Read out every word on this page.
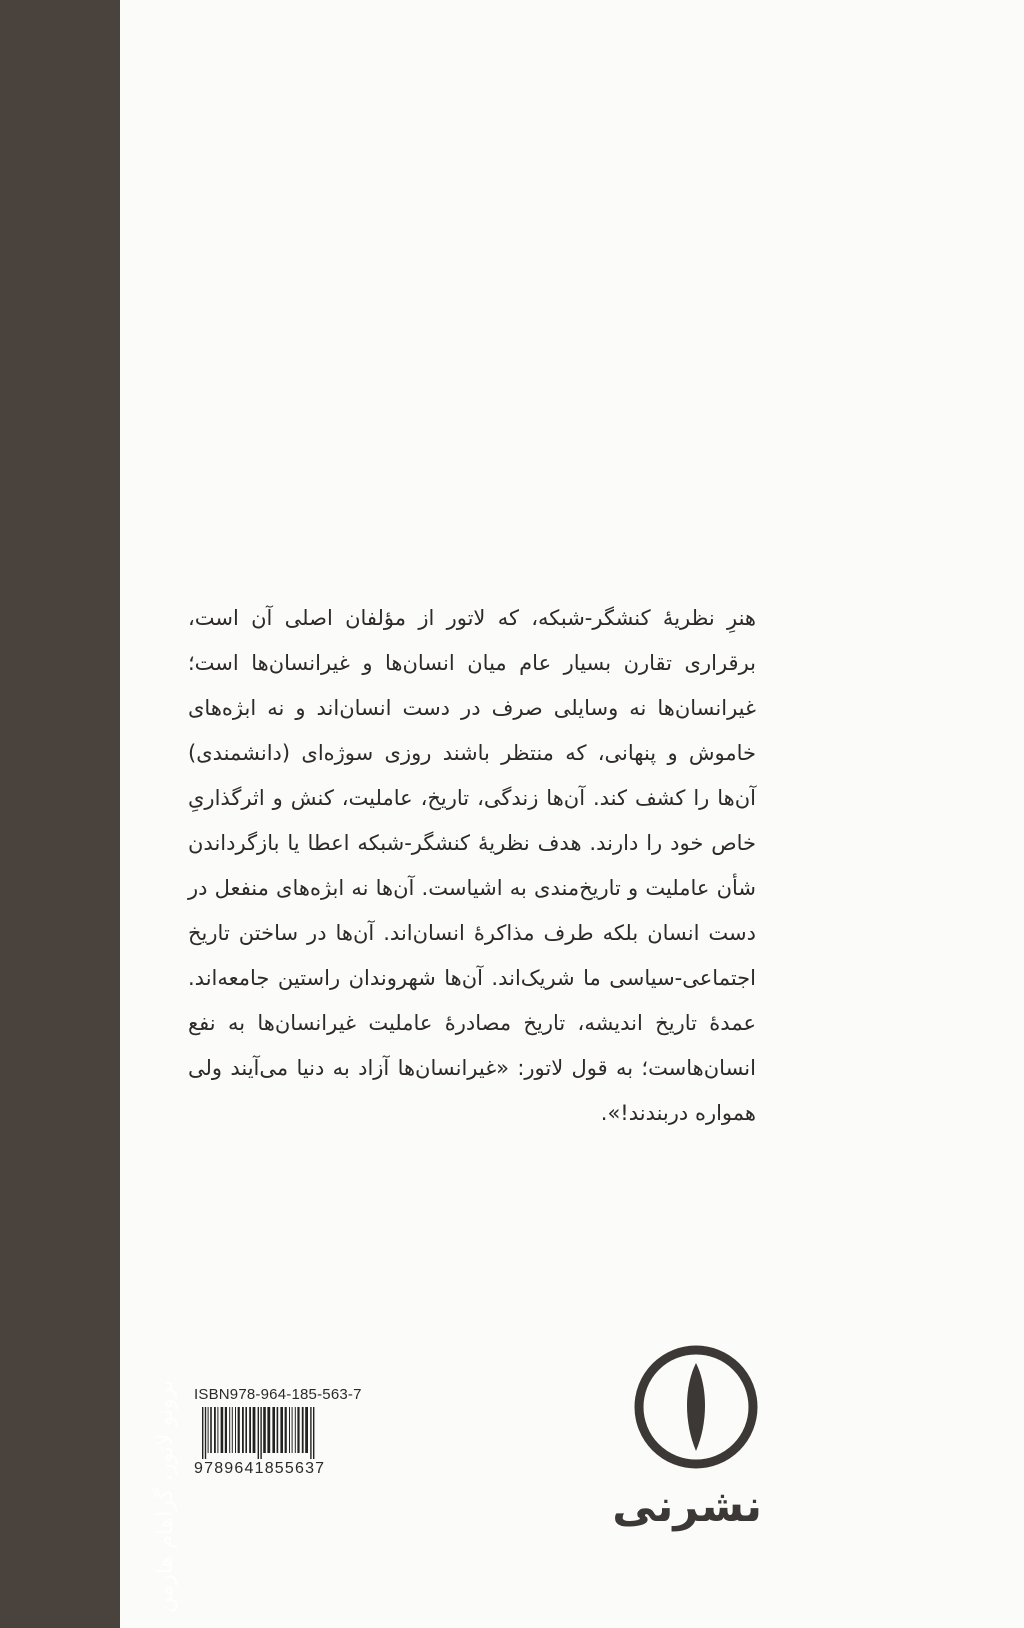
برونو لاتور، گراهام هارمن

هنرِ نظریهٔ کنشگر-شبکه، که لاتور از مؤلفان اصلی آن است، برقراری تقارن بسیار عام میان انسان‌ها و غیرانسان‌ها است؛ غیرانسان‌ها نه وسایلی صرف در دست انسان‌اند و نه ابژه‌های خاموش و پنهانی، که منتظر باشند روزی سوژه‌ای (دانشمندی) آن‌ها را کشف کند. آن‌ها زندگی، تاریخ، عاملیت، کنش و اثرگذاریِ خاص خود را دارند. هدف نظریهٔ کنشگر-شبکه اعطا یا بازگرداندن شأن عاملیت و تاریخ‌مندی به اشیاست. آن‌ها نه ابژه‌های منفعل در دست انسان بلکه طرف مذاکرهٔ انسان‌اند. آن‌ها در ساختن تاریخ اجتماعی-سیاسی ما شریک‌اند. آن‌ها شهروندان راستین جامعه‌اند. عمدهٔ تاریخ اندیشه، تاریخ مصادرهٔ عاملیت غیرانسان‌ها به نفع انسان‌هاست؛ به قول لاتور: «غیرانسان‌ها آزاد به دنیا می‌آیند ولی همواره دربندند!».

ISBN978-964-185-563-7
9789641855637
نشرنی
